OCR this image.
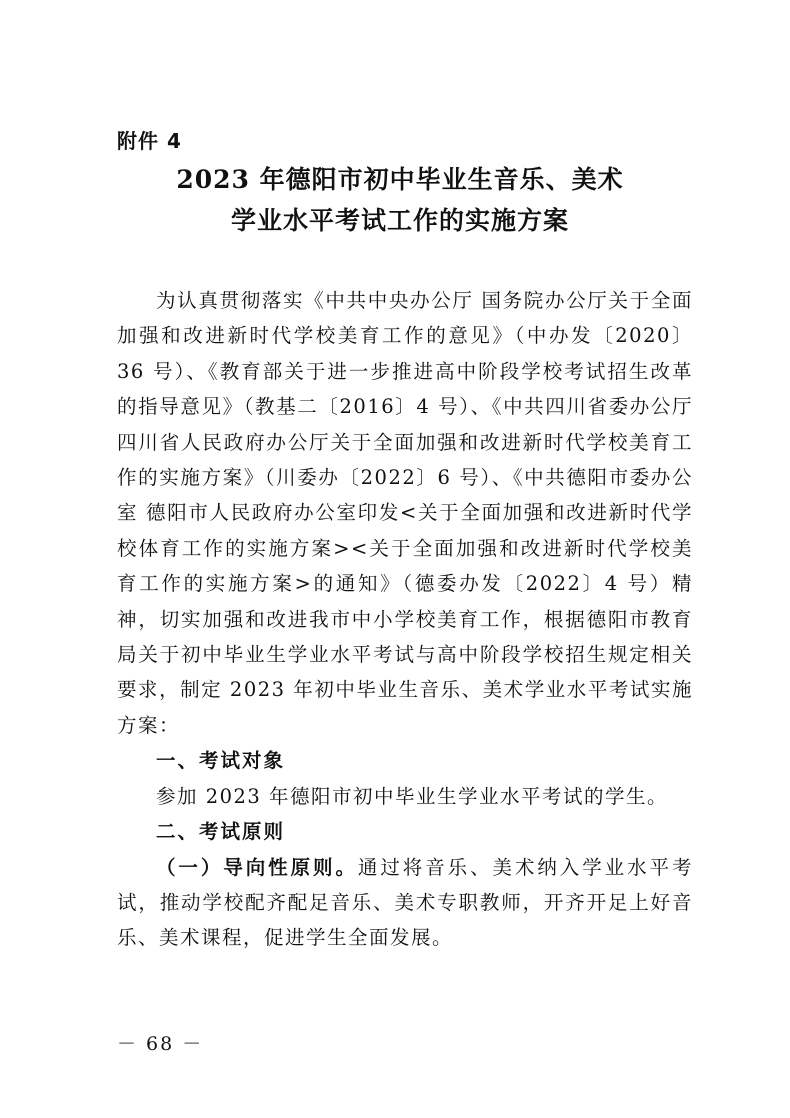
附件 4
2023 年德阳市初中毕业生音乐、美术
学业水平考试工作的实施方案

为认真贯彻落实《中共中央办公厅 国务院办公厅关于全面加强和改进新时代学校美育工作的意见》（中办发〔2020〕36 号）、《教育部关于进一步推进高中阶段学校考试招生改革的指导意见》（教基二〔2016〕4 号）、《中共四川省委办公厅 四川省人民政府办公厅关于全面加强和改进新时代学校美育工作的实施方案》（川委办〔2022〕6 号）、《中共德阳市委办公室 德阳市人民政府办公室印发<关于全面加强和改进新时代学校体育工作的实施方案><关于全面加强和改进新时代学校美育工作的实施方案>的通知》（德委办发〔2022〕4 号）精神，切实加强和改进我市中小学校美育工作，根据德阳市教育局关于初中毕业生学业水平考试与高中阶段学校招生规定相关要求，制定 2023 年初中毕业生音乐、美术学业水平考试实施方案：

一、考试对象

参加 2023 年德阳市初中毕业生学业水平考试的学生。

二、考试原则

（一）导向性原则。通过将音乐、美术纳入学业水平考试，推动学校配齐配足音乐、美术专职教师，开齐开足上好音乐、美术课程，促进学生全面发展。

－ 68 －
